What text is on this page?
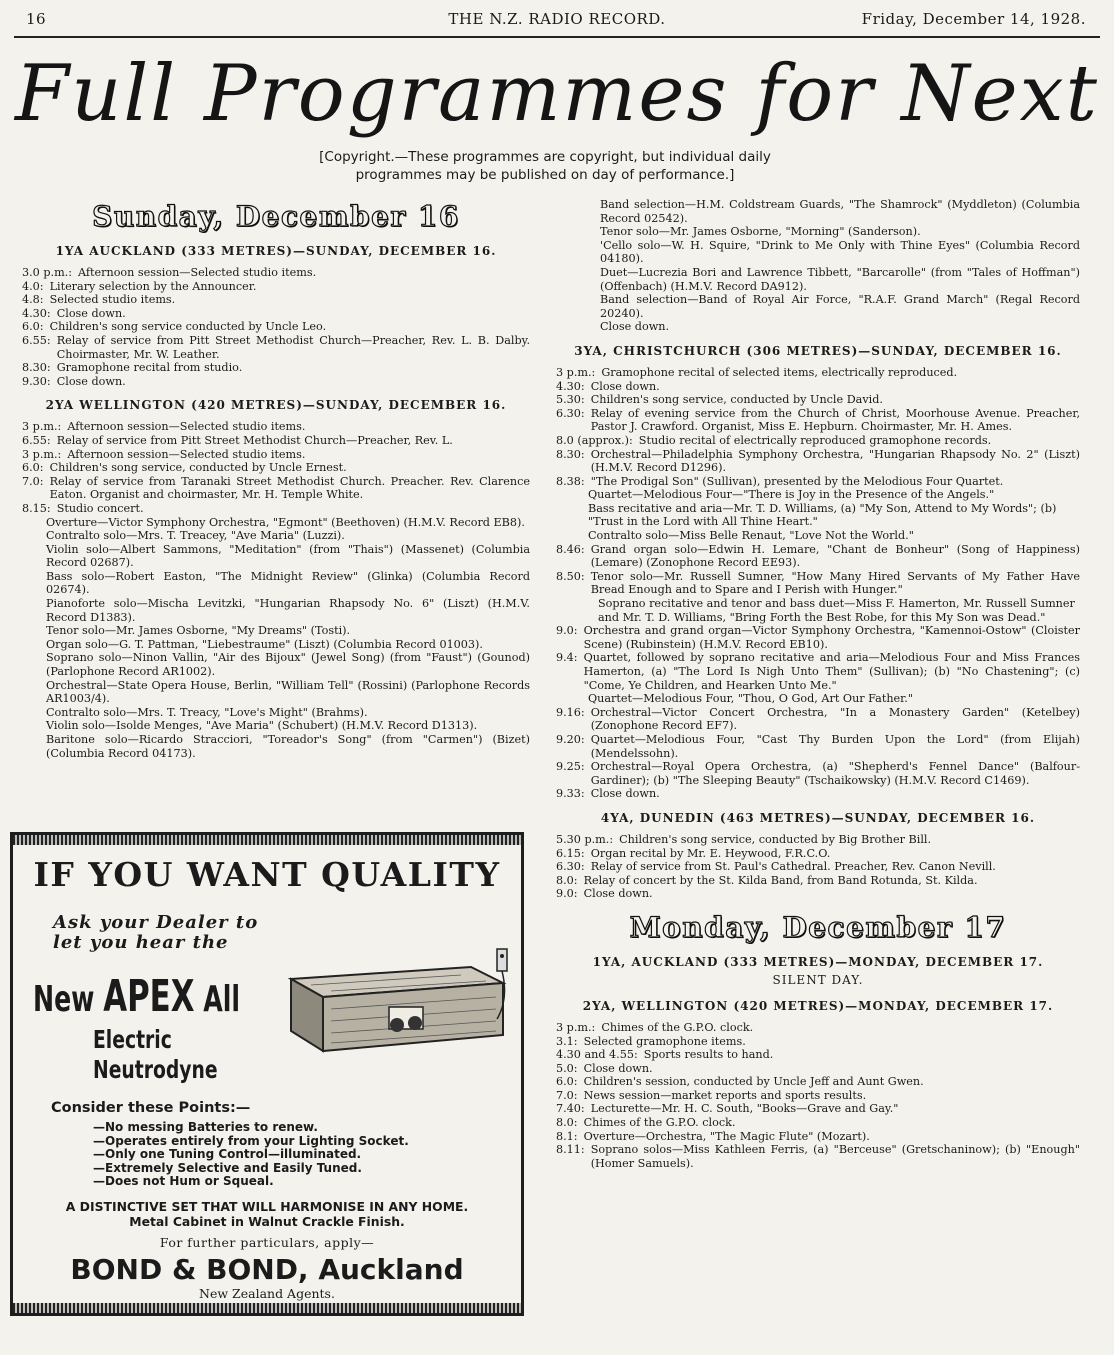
16	THE N.Z. RADIO RECORD.	Friday, December 14, 1928.
Full Programmes for Next
[Copyright.—These programmes are copyright, but individual daily programmes may be published on day of performance.]
Sunday, December 16
1YA AUCKLAND (333 METRES)—SUNDAY, DECEMBER 16.
3.0 p.m.: Afternoon session—Selected studio items.
4.0: Literary selection by the Announcer.
4.8: Selected studio items.
4.30: Close down.
6.0: Children's song service conducted by Uncle Leo.
6.55: Relay of service from Pitt Street Methodist Church—Preacher, Rev. L. B. Dalby. Choirmaster, Mr. W. Leather.
8.30: Gramophone recital from studio.
9.30: Close down.
2YA WELLINGTON (420 METRES)—SUNDAY, DECEMBER 16.
3 p.m.: Afternoon session—Selected studio items.
6.55: Relay of service from Pitt Street Methodist Church—Preacher, Rev. L.
3 p.m.: Afternoon session—Selected studio items.
6.0: Children's song service, conducted by Uncle Ernest.
7.0: Relay of service from Taranaki Street Methodist Church. Preacher. Rev. Clarence Eaton. Organist and choirmaster, Mr. H. Temple White.
8.15: Studio concert.
Overture—Victor Symphony Orchestra, "Egmont" (Beethoven) (H.M.V. Record EB8).
Contralto solo—Mrs. T. Treacey, "Ave Maria" (Luzzi).
Violin solo—Albert Sammons, "Meditation" (from "Thais") (Massenet) (Columbia Record 02687).
Bass solo—Robert Easton, "The Midnight Review" (Glinka) (Columbia Record 02674).
Pianoforte solo—Mischa Levitzki, "Hungarian Rhapsody No. 6" (Liszt) (H.M.V. Record D1383).
Tenor solo—Mr. James Osborne, "My Dreams" (Tosti).
Organ solo—G. T. Pattman, "Liebestraume" (Liszt) (Columbia Record 01003).
Soprano solo—Ninon Vallin, "Air des Bijoux" (Jewel Song) (from "Faust") (Gounod) (Parlophone Record AR1002).
Orchestral—State Opera House, Berlin, "William Tell" (Rossini) (Parlophone Records AR1003/4).
Contralto solo—Mrs. T. Treacy, "Love's Might" (Brahms).
Violin solo—Isolde Menges, "Ave Maria" (Schubert) (H.M.V. Record D1313).
Baritone solo—Ricardo Stracciori, "Toreador's Song" (from "Carmen") (Bizet) (Columbia Record 04173).
IF YOU WANT QUALITY
Ask your Dealer to
let you hear the
New APEX All
Electric
Neutrodyne
Consider these Points:—
—No messing Batteries to renew.
—Operates entirely from your Lighting Socket.
—Only one Tuning Control—illuminated.
—Extremely Selective and Easily Tuned.
—Does not Hum or Squeal.
A DISTINCTIVE SET THAT WILL HARMONISE IN ANY HOME.
Metal Cabinet in Walnut Crackle Finish.
For further particulars, apply—
BOND & BOND, Auckland
New Zealand Agents.
Band selection—H.M. Coldstream Guards, "The Shamrock" (Myddleton) (Columbia Record 02542).
Tenor solo—Mr. James Osborne, "Morning" (Sanderson).
'Cello solo—W. H. Squire, "Drink to Me Only with Thine Eyes" (Columbia Record 04180).
Duet—Lucrezia Bori and Lawrence Tibbett, "Barcarolle" (from "Tales of Hoffman") (Offenbach) (H.M.V. Record DA912).
Band selection—Band of Royal Air Force, "R.A.F. Grand March" (Regal Record 20240).
Close down.
3YA, CHRISTCHURCH (306 METRES)—SUNDAY, DECEMBER 16.
3 p.m.: Gramophone recital of selected items, electrically reproduced.
4.30: Close down.
5.30: Children's song service, conducted by Uncle David.
6.30: Relay of evening service from the Church of Christ, Moorhouse Avenue. Preacher, Pastor J. Crawford. Organist, Miss E. Hepburn. Choirmaster, Mr. H. Ames.
8.0 (approx.): Studio recital of electrically reproduced gramophone records.
8.30: Orchestral—Philadelphia Symphony Orchestra, "Hungarian Rhapsody No. 2" (Liszt) (H.M.V. Record D1296).
8.38: "The Prodigal Son" (Sullivan), presented by the Melodious Four Quartet.
Quartet—Melodious Four—"There is Joy in the Presence of the Angels."
Bass recitative and aria—Mr. T. D. Williams, (a) "My Son, Attend to My Words"; (b) "Trust in the Lord with All Thine Heart."
Contralto solo—Miss Belle Renaut, "Love Not the World."
8.46: Grand organ solo—Edwin H. Lemare, "Chant de Bonheur" (Song of Happiness) (Lemare) (Zonophone Record EE93).
8.50: Tenor solo—Mr. Russell Sumner, "How Many Hired Servants of My Father Have Bread Enough and to Spare and I Perish with Hunger."
Soprano recitative and tenor and bass duet—Miss F. Hamerton, Mr. Russell Sumner and Mr. T. D. Williams, "Bring Forth the Best Robe, for this My Son was Dead."
9.0: Orchestra and grand organ—Victor Symphony Orchestra, "Kamennoi-Ostow" (Cloister Scene) (Rubinstein) (H.M.V. Record EB10).
9.4: Quartet, followed by soprano recitative and aria—Melodious Four and Miss Frances Hamerton, (a) "The Lord Is Nigh Unto Them" (Sullivan); (b) "No Chastening"; (c) "Come, Ye Children, and Hearken Unto Me."
Quartet—Melodious Four, "Thou, O God, Art Our Father."
9.16: Orchestral—Victor Concert Orchestra, "In a Monastery Garden" (Ketelbey) (Zonophone Record EF7).
9.20: Quartet—Melodious Four, "Cast Thy Burden Upon the Lord" (from Elijah) (Mendelssohn).
9.25: Orchestral—Royal Opera Orchestra, (a) "Shepherd's Fennel Dance" (Balfour-Gardiner); (b) "The Sleeping Beauty" (Tschaikowsky) (H.M.V. Record C1469).
9.33: Close down.
4YA, DUNEDIN (463 METRES)—SUNDAY, DECEMBER 16.
5.30 p.m.: Children's song service, conducted by Big Brother Bill.
6.15: Organ recital by Mr. E. Heywood, F.R.C.O.
6.30: Relay of service from St. Paul's Cathedral. Preacher, Rev. Canon Nevill.
8.0: Relay of concert by the St. Kilda Band, from Band Rotunda, St. Kilda.
9.0: Close down.
Monday, December 17
1YA, AUCKLAND (333 METRES)—MONDAY, DECEMBER 17.
SILENT DAY.
2YA, WELLINGTON (420 METRES)—MONDAY, DECEMBER 17.
3 p.m.: Chimes of the G.P.O. clock.
3.1: Selected gramophone items.
4.30 and 4.55: Sports results to hand.
5.0: Close down.
6.0: Children's session, conducted by Uncle Jeff and Aunt Gwen.
7.0: News session—market reports and sports results.
7.40: Lecturette—Mr. H. C. South, "Books—Grave and Gay."
8.0: Chimes of the G.P.O. clock.
8.1: Overture—Orchestra, "The Magic Flute" (Mozart).
8.11: Soprano solos—Miss Kathleen Ferris, (a) "Berceuse" (Gretschaninow); (b) "Enough" (Homer Samuels).
